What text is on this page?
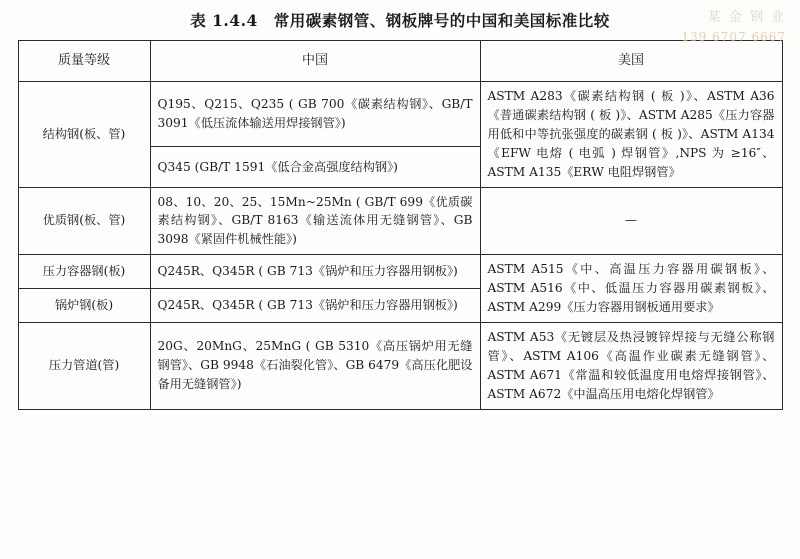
某 金 钢 业
139 6707 6667
表 1.4.4　常用碳素钢管、钢板牌号的中国和美国标准比较
质量等级	中国	美国
结构钢(板、管)	Q195、Q215、Q235 ( GB 700《碳素结构钢》、GB/T 3091《低压流体输送用焊接钢管》)	ASTM A283《碳素结构钢 ( 板 )》、ASTM A36《普通碳素结构钢 ( 板 )》、ASTM A285《压力容器用低和中等抗张强度的碳素钢 ( 板 )》、ASTM A134《EFW 电熔 ( 电弧 ) 焊钢管》,NPS 为 ≥16″、ASTM A135《ERW 电阻焊钢管》
	Q345 (GB/T 1591《低合金高强度结构钢》)	
优质钢(板、管)	08、10、20、25、15Mn~25Mn ( GB/T 699《优质碳素结构钢》、GB/T 8163《输送流体用无缝钢管》、GB 3098《紧固件机械性能》)	—
压力容器钢(板)	Q245R、Q345R ( GB 713《锅炉和压力容器用钢板》)	ASTM A515《中、高温压力容器用碳钢板》、ASTM A516《中、低温压力容器用碳素钢板》、ASTM A299《压力容器用钢板通用要求》
锅炉钢(板)	Q245R、Q345R ( GB 713《锅炉和压力容器用钢板》)	
压力管道(管)	20G、20MnG、25MnG ( GB 5310《高压锅炉用无缝钢管》、GB 9948《石油裂化管》、GB 6479《高压化肥设备用无缝钢管》)	ASTM A53《无镀层及热浸镀锌焊接与无缝公称钢管》、ASTM A106《高温作业碳素无缝钢管》、ASTM A671《常温和较低温度用电熔焊接钢管》、ASTM A672《中温高压用电熔化焊钢管》
